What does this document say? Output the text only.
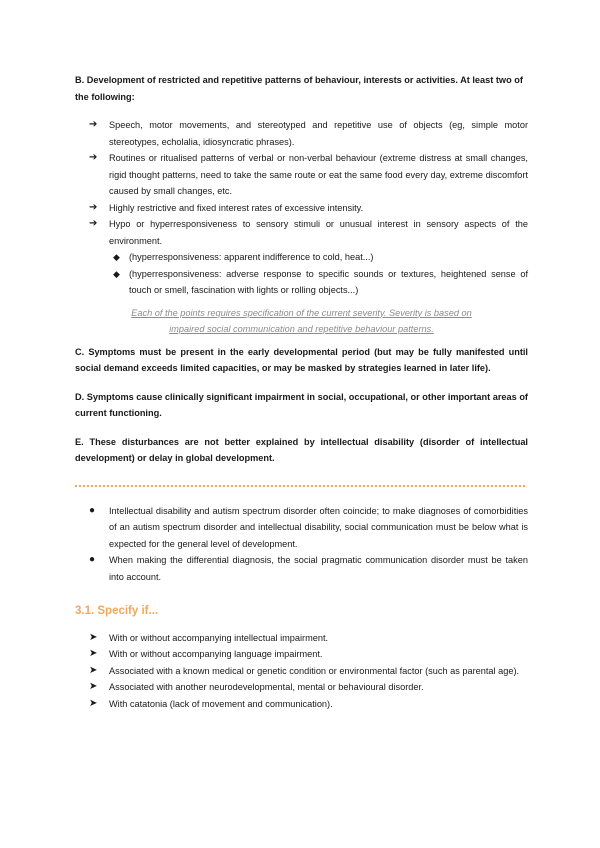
B. Development of restricted and repetitive patterns of behaviour, interests or activities. At least two of the following:

➔ Speech, motor movements, and stereotyped and repetitive use of objects (eg, simple motor stereotypes, echolalia, idiosyncratic phrases).
➔ Routines or ritualised patterns of verbal or non-verbal behaviour (extreme distress at small changes, rigid thought patterns, need to take the same route or eat the same food every day, extreme discomfort caused by small changes, etc.
➔ Highly restrictive and fixed interest rates of excessive intensity.
➔ Hypo or hyperresponsiveness to sensory stimuli or unusual interest in sensory aspects of the environment.
◆ (hyperresponsiveness: apparent indifference to cold, heat...)
◆ (hyperresponsiveness: adverse response to specific sounds or textures, heightened sense of touch or smell, fascination with lights or rolling objects...)

Each of the points requires specification of the current severity. Severity is based on impaired social communication and repetitive behaviour patterns.

C. Symptoms must be present in the early developmental period (but may be fully manifested until social demand exceeds limited capacities, or may be masked by strategies learned in later life).

D. Symptoms cause clinically significant impairment in social, occupational, or other important areas of current functioning.

E. These disturbances are not better explained by intellectual disability (disorder of intellectual development) or delay in global development.

● Intellectual disability and autism spectrum disorder often coincide; to make diagnoses of comorbidities of an autism spectrum disorder and intellectual disability, social communication must be below what is expected for the general level of development.
● When making the differential diagnosis, the social pragmatic communication disorder must be taken into account.
3.1. Specify if...
➤ With or without accompanying intellectual impairment.
➤ With or without accompanying language impairment.
➤ Associated with a known medical or genetic condition or environmental factor (such as parental age).
➤ Associated with another neurodevelopmental, mental or behavioural disorder.
➤ With catatonia (lack of movement and communication).
